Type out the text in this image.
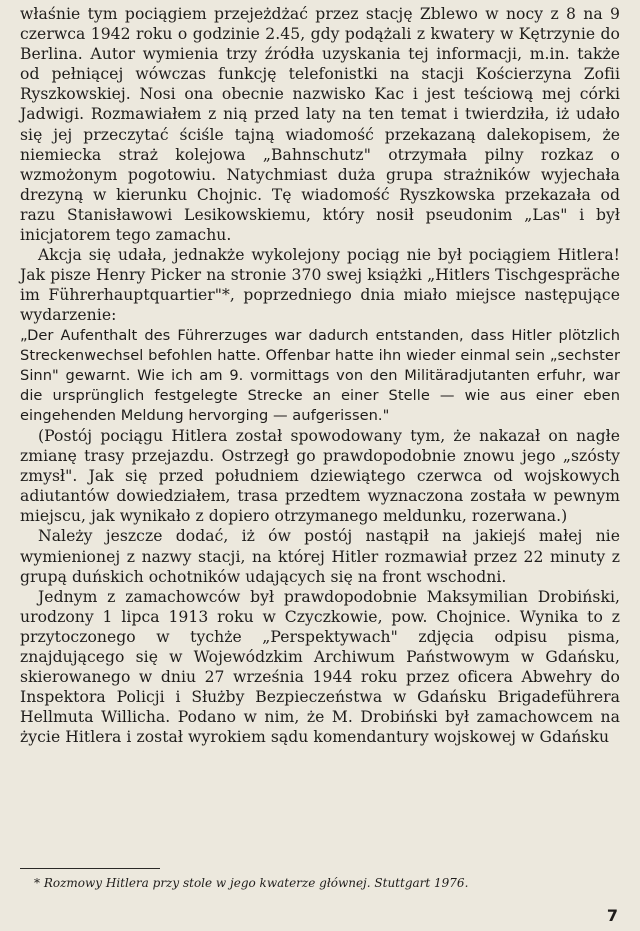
właśnie tym pociągiem przejeżdżać przez stację Zblewo w nocy z 8 na 9 czerwca 1942 roku o godzinie 2.45, gdy podążali z kwatery w Kętrzynie do Berlina. Autor wymienia trzy źródła uzyskania tej informacji, m.in. także od pełniącej wówczas funkcję telefonistki na stacji Kościerzyna Zofii Ryszkowskiej. Nosi ona obecnie nazwisko Kac i jest teściową mej córki Jadwigi. Rozmawiałem z nią przed laty na ten temat i twierdziła, iż udało się jej przeczytać ściśle tajną wiadomość przekazaną dalekopisem, że niemiecka straż kolejowa „Bahnschutz" otrzymała pilny rozkaz o wzmożonym pogotowiu. Natychmiast duża grupa strażników wyjechała drezyną w kierunku Chojnic. Tę wiadomość Ryszkowska przekazała od razu Stanisławowi Lesikowskiemu, który nosił pseudonim „Las" i był inicjatorem tego zamachu.

Akcja się udała, jednakże wykolejony pociąg nie był pociągiem Hitlera! Jak pisze Henry Picker na stronie 370 swej książki „Hitlers Tischgespräche im Führerhauptquartier"*, poprzedniego dnia miało miejsce następujące wydarzenie:

„Der Aufenthalt des Führerzuges war dadurch entstanden, dass Hitler plötzlich Streckenwechsel befohlen hatte. Offenbar hatte ihn wieder einmal sein „sechster Sinn" gewarnt. Wie ich am 9. vormittags von den Militäradjutanten erfuhr, war die ursprünglich festgelegte Strecke an einer Stelle — wie aus einer eben eingehenden Meldung hervorging — aufgerissen."

(Postój pociągu Hitlera został spowodowany tym, że nakazał on nagłe zmianę trasy przejazdu. Ostrzegł go prawdopodobnie znowu jego „szósty zmysł". Jak się przed południem dziewiątego czerwca od wojskowych adiutantów dowiedziałem, trasa przedtem wyznaczona została w pewnym miejscu, jak wynikało z dopiero otrzymanego meldunku, rozerwana.)

Należy jeszcze dodać, iż ów postój nastąpił na jakiejś małej nie wymienionej z nazwy stacji, na której Hitler rozmawiał przez 22 minuty z grupą duńskich ochotników udających się na front wschodni.

Jednym z zamachowców był prawdopodobnie Maksymilian Drobiński, urodzony 1 lipca 1913 roku w Czyczkowie, pow. Chojnice. Wynika to z przytoczonego w tychże „Perspektywach" zdjęcia odpisu pisma, znajdującego się w Wojewódzkim Archiwum Państwowym w Gdańsku, skierowanego w dniu 27 września 1944 roku przez oficera Abwehry do Inspektora Policji i Służby Bezpieczeństwa w Gdańsku Brigadeführera Hellmuta Willicha. Podano w nim, że M. Drobiński był zamachowcem na życie Hitlera i został wyrokiem sądu komendantury wojskowej w Gdańsku

* Rozmowy Hitlera przy stole w jego kwaterze głównej. Stuttgart 1976.
7
